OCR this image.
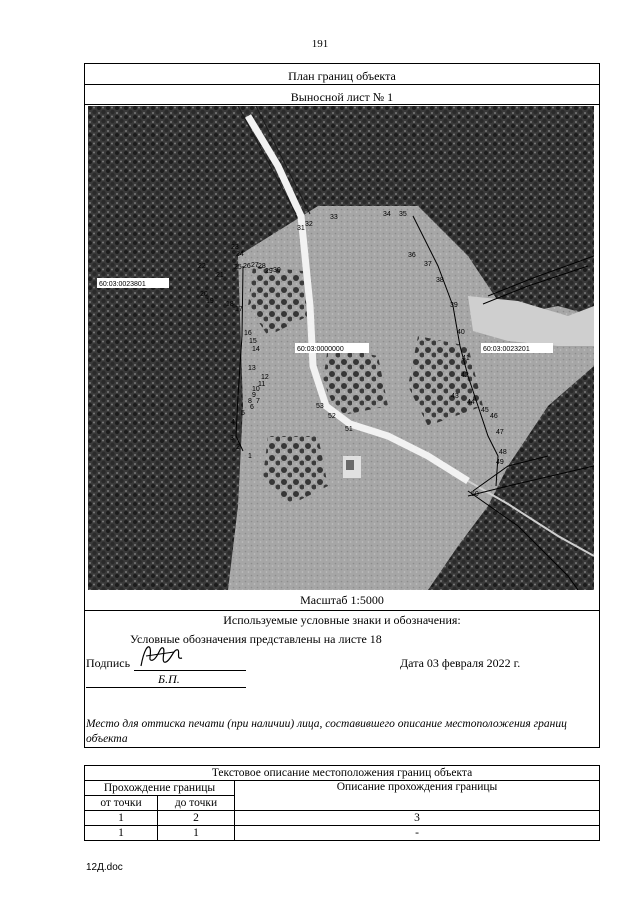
191
План границ объекта
Выносной лист № 1
60:03:0023801
60:03:0000000	60:03:0023201
1
2
3
4
5
6
7
8
9
10
11
12
13
14
15
16
17
18
19
20
21
22
23
24
25 26 27 28
29 30
31
32
33	34 35
36
37
38
39
40
41
42
43
44
45
46
47
48
49
50
51
52
53
Масштаб 1:5000
Используемые условные знаки и обозначения:
Условные обозначения представлены на листе 18
Подпись
Б.П.
Дата 03 февраля 2022 г.
Место для оттиска печати (при наличии) лица, составившего описание местоположения границ объекта
Текстовое описание местоположения границ объекта		
Прохождение границы		Описание прохождения границы
от точки	до точки	
1	2	3
1	1	-
12Д.doc
